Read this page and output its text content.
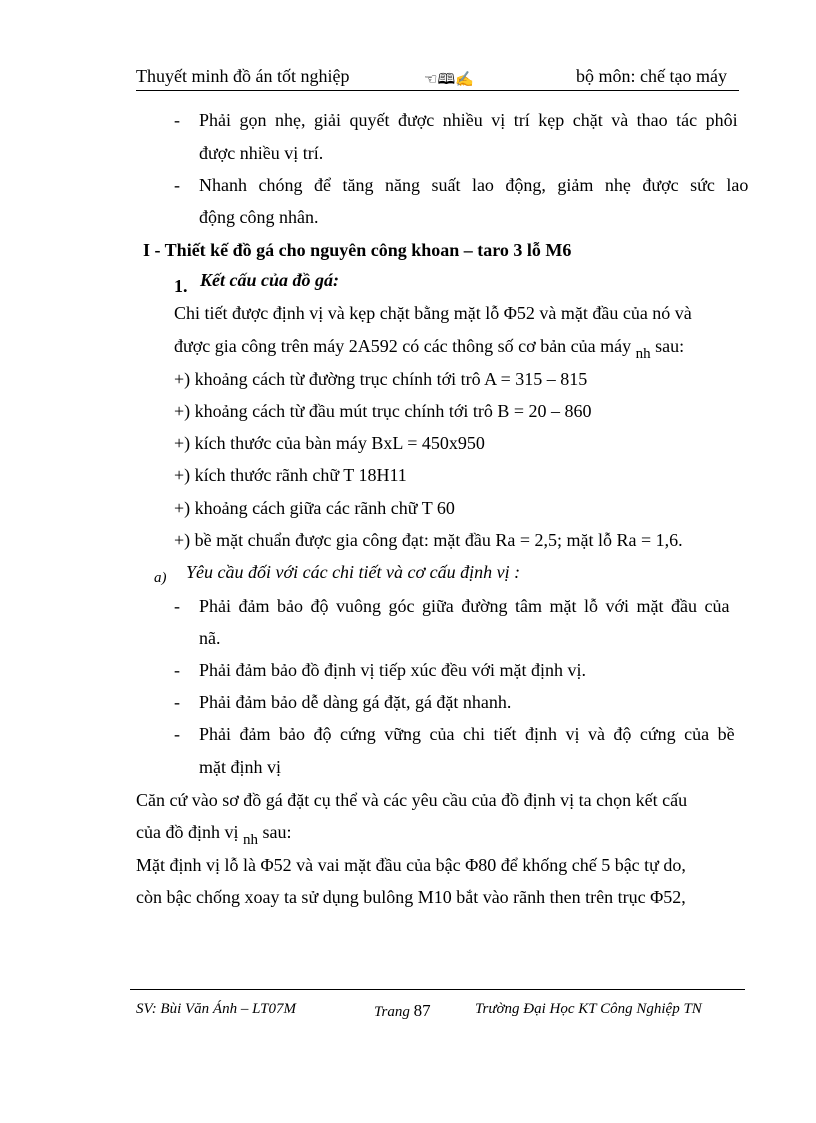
Thuyết minh đồ án tốt nghiệp	☜🕮✍	bộ môn: chế tạo máy
- Phải gọn nhẹ, giải quyết được nhiều vị trí kẹp chặt và thao tác phôi
được nhiều vị trí.
- Nhanh chóng để tăng năng suất lao động, giảm nhẹ được sức lao
động công nhân.
I - Thiết kế đồ gá cho nguyên công khoan – taro 3 lỗ M6
1. Kết cấu của đồ gá:
Chi tiết được định vị và kẹp chặt bằng mặt lỗ Φ52 và mặt đầu của nó và
được gia công trên máy 2A592 có các thông số cơ bản của máy $_{nh}$ sau:
+) khoảng cách từ đường trục chính tới trô A = 315 – 815
+) khoảng cách từ đầu mút trục chính tới trô B = 20 – 860
+) kích thước của bàn máy BxL = 450x950
+) kích thước rãnh chữ T 18H11
+) khoảng cách giữa các rãnh chữ T 60
+) bề mặt chuẩn được gia công đạt: mặt đầu Ra = 2,5; mặt lỗ Ra = 1,6.
a) Yêu cầu đối với các chi tiết và cơ cấu định vị :
- Phải đảm bảo độ vuông góc giữa đường tâm mặt lỗ với mặt đầu của
nã.
- Phải đảm bảo đồ định vị tiếp xúc đều với mặt định vị.
- Phải đảm bảo dễ dàng gá đặt, gá đặt nhanh.
- Phải đảm bảo độ cứng vững của chi tiết định vị và độ cứng của bề
mặt định vị
Căn cứ vào sơ đồ gá đặt cụ thể và các yêu cầu của đồ định vị ta chọn kết cấu
của đồ định vị $_{nh}$ sau:
Mặt định vị lỗ là Φ52 và vai mặt đầu của bậc Φ80 để khống chế 5 bậc tự do,
còn bậc chống xoay ta sử dụng bulông M10 bắt vào rãnh then trên trục Φ52,
SV: Bùi Văn Ánh – LT07M	Trang 87	Trường Đại Học KT Công Nghiệp TN
